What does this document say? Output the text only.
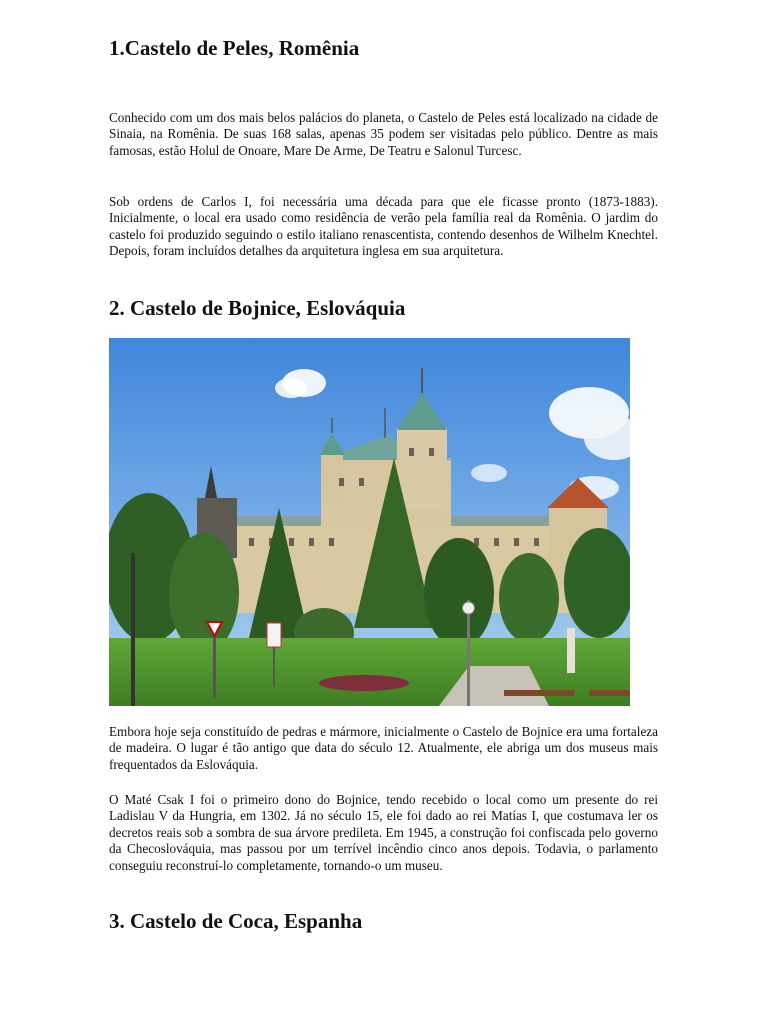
1.Castelo de Peles, Romênia

Conhecido com um dos mais belos palácios do planeta, o Castelo de Peles está localizado na cidade de Sinaia, na Romênia. De suas 168 salas, apenas 35 podem ser visitadas pelo público. Dentre as mais famosas, estão Holul de Onoare, Mare De Arme, De Teatru e Salonul Turcesc.

Sob ordens de Carlos I, foi necessária uma década para que ele ficasse pronto (1873-1883). Inicialmente, o local era usado como residência de verão pela família real da Romênia. O jardim do castelo foi produzido seguindo o estilo italiano renascentista, contendo desenhos de Wilhelm Knechtel. Depois, foram incluídos detalhes da arquitetura inglesa em sua arquitetura.

2. Castelo de Bojnice, Eslováquia

Embora hoje seja constituído de pedras e mármore, inicialmente o Castelo de Bojnice era uma fortaleza de madeira. O lugar é tão antigo que data do século 12. Atualmente, ele abriga um dos museus mais frequentados da Eslováquia.

O Maté Csak I foi o primeiro dono do Bojnice, tendo recebido o local como um presente do rei Ladislau V da Hungria, em 1302. Já no século 15, ele foi dado ao rei Matías I, que costumava ler os decretos reais sob a sombra de sua árvore predileta. Em 1945, a construção foi confiscada pelo governo da Checoslováquia, mas passou por um terrível incêndio cinco anos depois. Todavia, o parlamento conseguiu reconstruí-lo completamente, tornando-o um museu.

3. Castelo de Coca, Espanha
